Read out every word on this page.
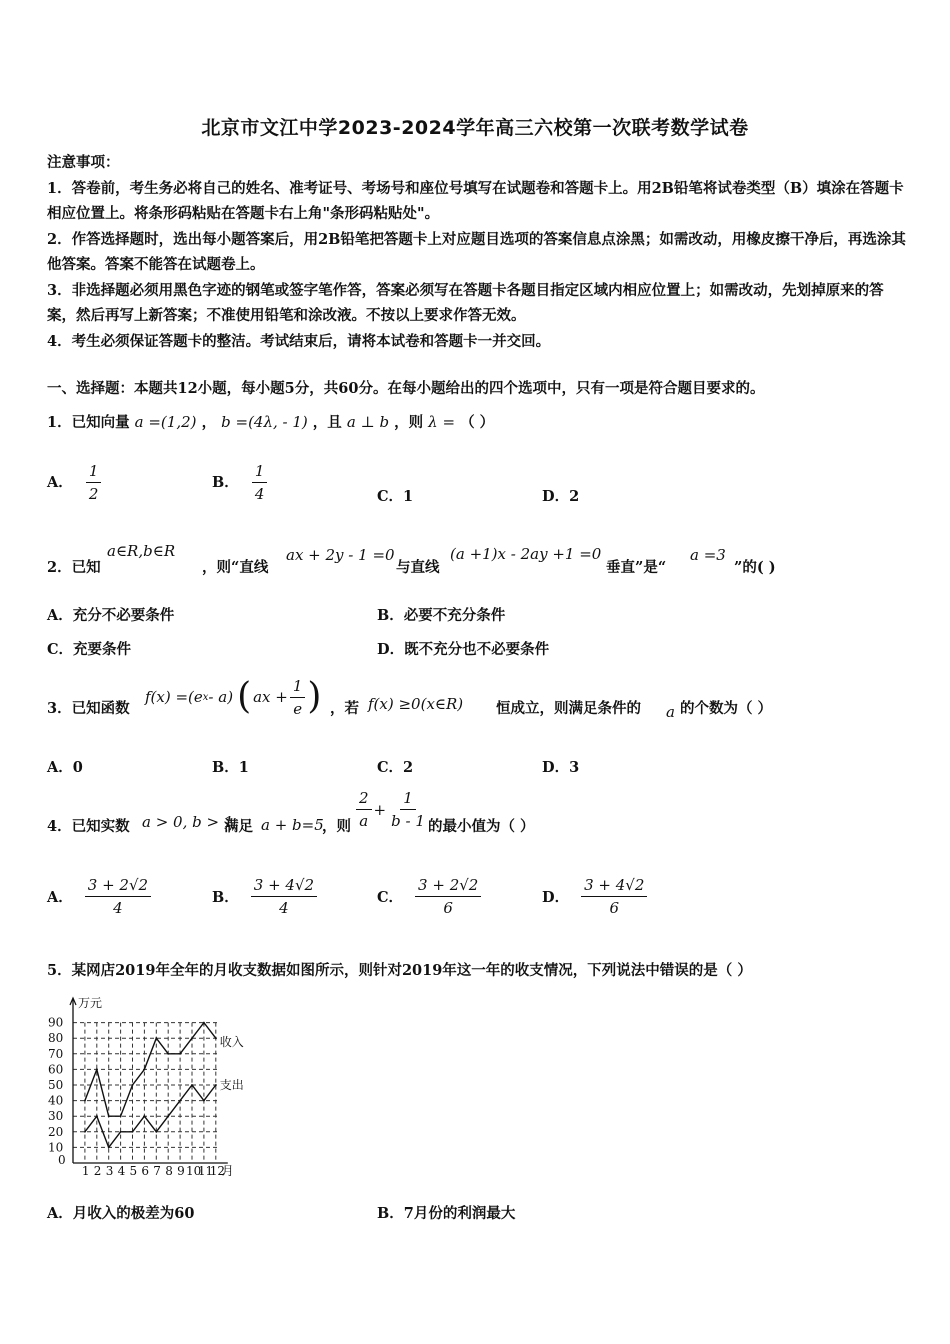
北京市文江中学2023-2024学年高三六校第一次联考数学试卷
注意事项：
1．答卷前，考生务必将自己的姓名、准考证号、考场号和座位号填写在试题卷和答题卡上。用2B铅笔将试卷类型（B）填涂在答题卡相应位置上。将条形码粘贴在答题卡右上角"条形码粘贴处"。
2．作答选择题时，选出每小题答案后，用2B铅笔把答题卡上对应题目选项的答案信息点涂黑；如需改动，用橡皮擦干净后，再选涂其他答案。答案不能答在试题卷上。
3．非选择题必须用黑色字迹的钢笔或签字笔作答，答案必须写在答题卡各题目指定区域内相应位置上；如需改动，先划掉原来的答案，然后再写上新答案；不准使用铅笔和涂改液。不按以上要求作答无效。
4．考生必须保证答题卡的整洁。考试结束后，请将本试卷和答题卡一并交回。
一、选择题：本题共12小题，每小题5分，共60分。在每小题给出的四个选项中，只有一项是符合题目要求的。
1．已知向量 a =(1,2) ， b =(4λ, - 1) ，且 a ⊥ b ，则 λ = （ ）
A． $\frac{1}{2}$	B． $\frac{1}{4}$	C．1	D．2
2．已知
a∈R,b∈R
，则“直线
ax + 2y - 1 =0
与直线
(a +1)x - 2ay +1 =0
垂直”是“
a =3
”的( )
A．充分不必要条件	B．必要不充分条件
C．充要条件	D．既不充分也不必要条件
3．已知函数
f(x) =(e x - a) ( ax + $\frac{1}{e}$ ) ，若 f(x) ≥0(x∈R) 恒成立，则满足条件的 a 的个数为（ ）
A．0	B．1	C．2	D．3
4．已知实数 a > 0, b > 1
满足 a + b=5
，则 $\frac{2}{a} + \frac{1}{b - 1}$ 的最小值为（ ）
A． $\frac{3 + 2√2}{4}$	B． $\frac{3 + 4√2}{4}$	C． $\frac{3 + 2√2}{6}$	D． $\frac{3 + 4√2}{6}$
5．某网店2019年全年的月收支数据如图所示，则针对2019年这一年的收支情况，下列说法中错误的是（ ）
0
10
20
30
40
50
60
70
80
90
1 2 3 4 5 6 7 8 9 10
11
12
万元
月
收入
支出
A．月收入的极差为60	B．7月份的利润最大
